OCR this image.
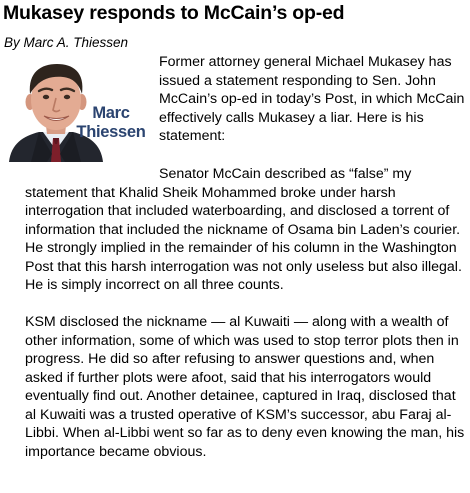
Mukasey responds to McCain’s op-ed
By Marc A. Thiessen
Marc
Thiessen
Former attorney general Michael Mukasey has issued a statement responding to Sen. John McCain’s op-ed in today’s Post, in which McCain effectively calls Mukasey a liar. Here is his statement:

Senator McCain described as “false” my statement that Khalid Sheik Mohammed broke under harsh interrogation that included waterboarding, and disclosed a torrent of information that included the nickname of Osama bin Laden’s courier. He strongly implied in the remainder of his column in the Washington Post that this harsh interrogation was not only useless but also illegal. He is simply incorrect on all three counts.

KSM disclosed the nickname — al Kuwaiti — along with a wealth of other information, some of which was used to stop terror plots then in progress. He did so after refusing to answer questions and, when asked if further plots were afoot, said that his interrogators would eventually find out. Another detainee, captured in Iraq, disclosed that al Kuwaiti was a trusted operative of KSM’s successor, abu Faraj al-Libbi. When al-Libbi went so far as to deny even knowing the man, his importance became obvious.
